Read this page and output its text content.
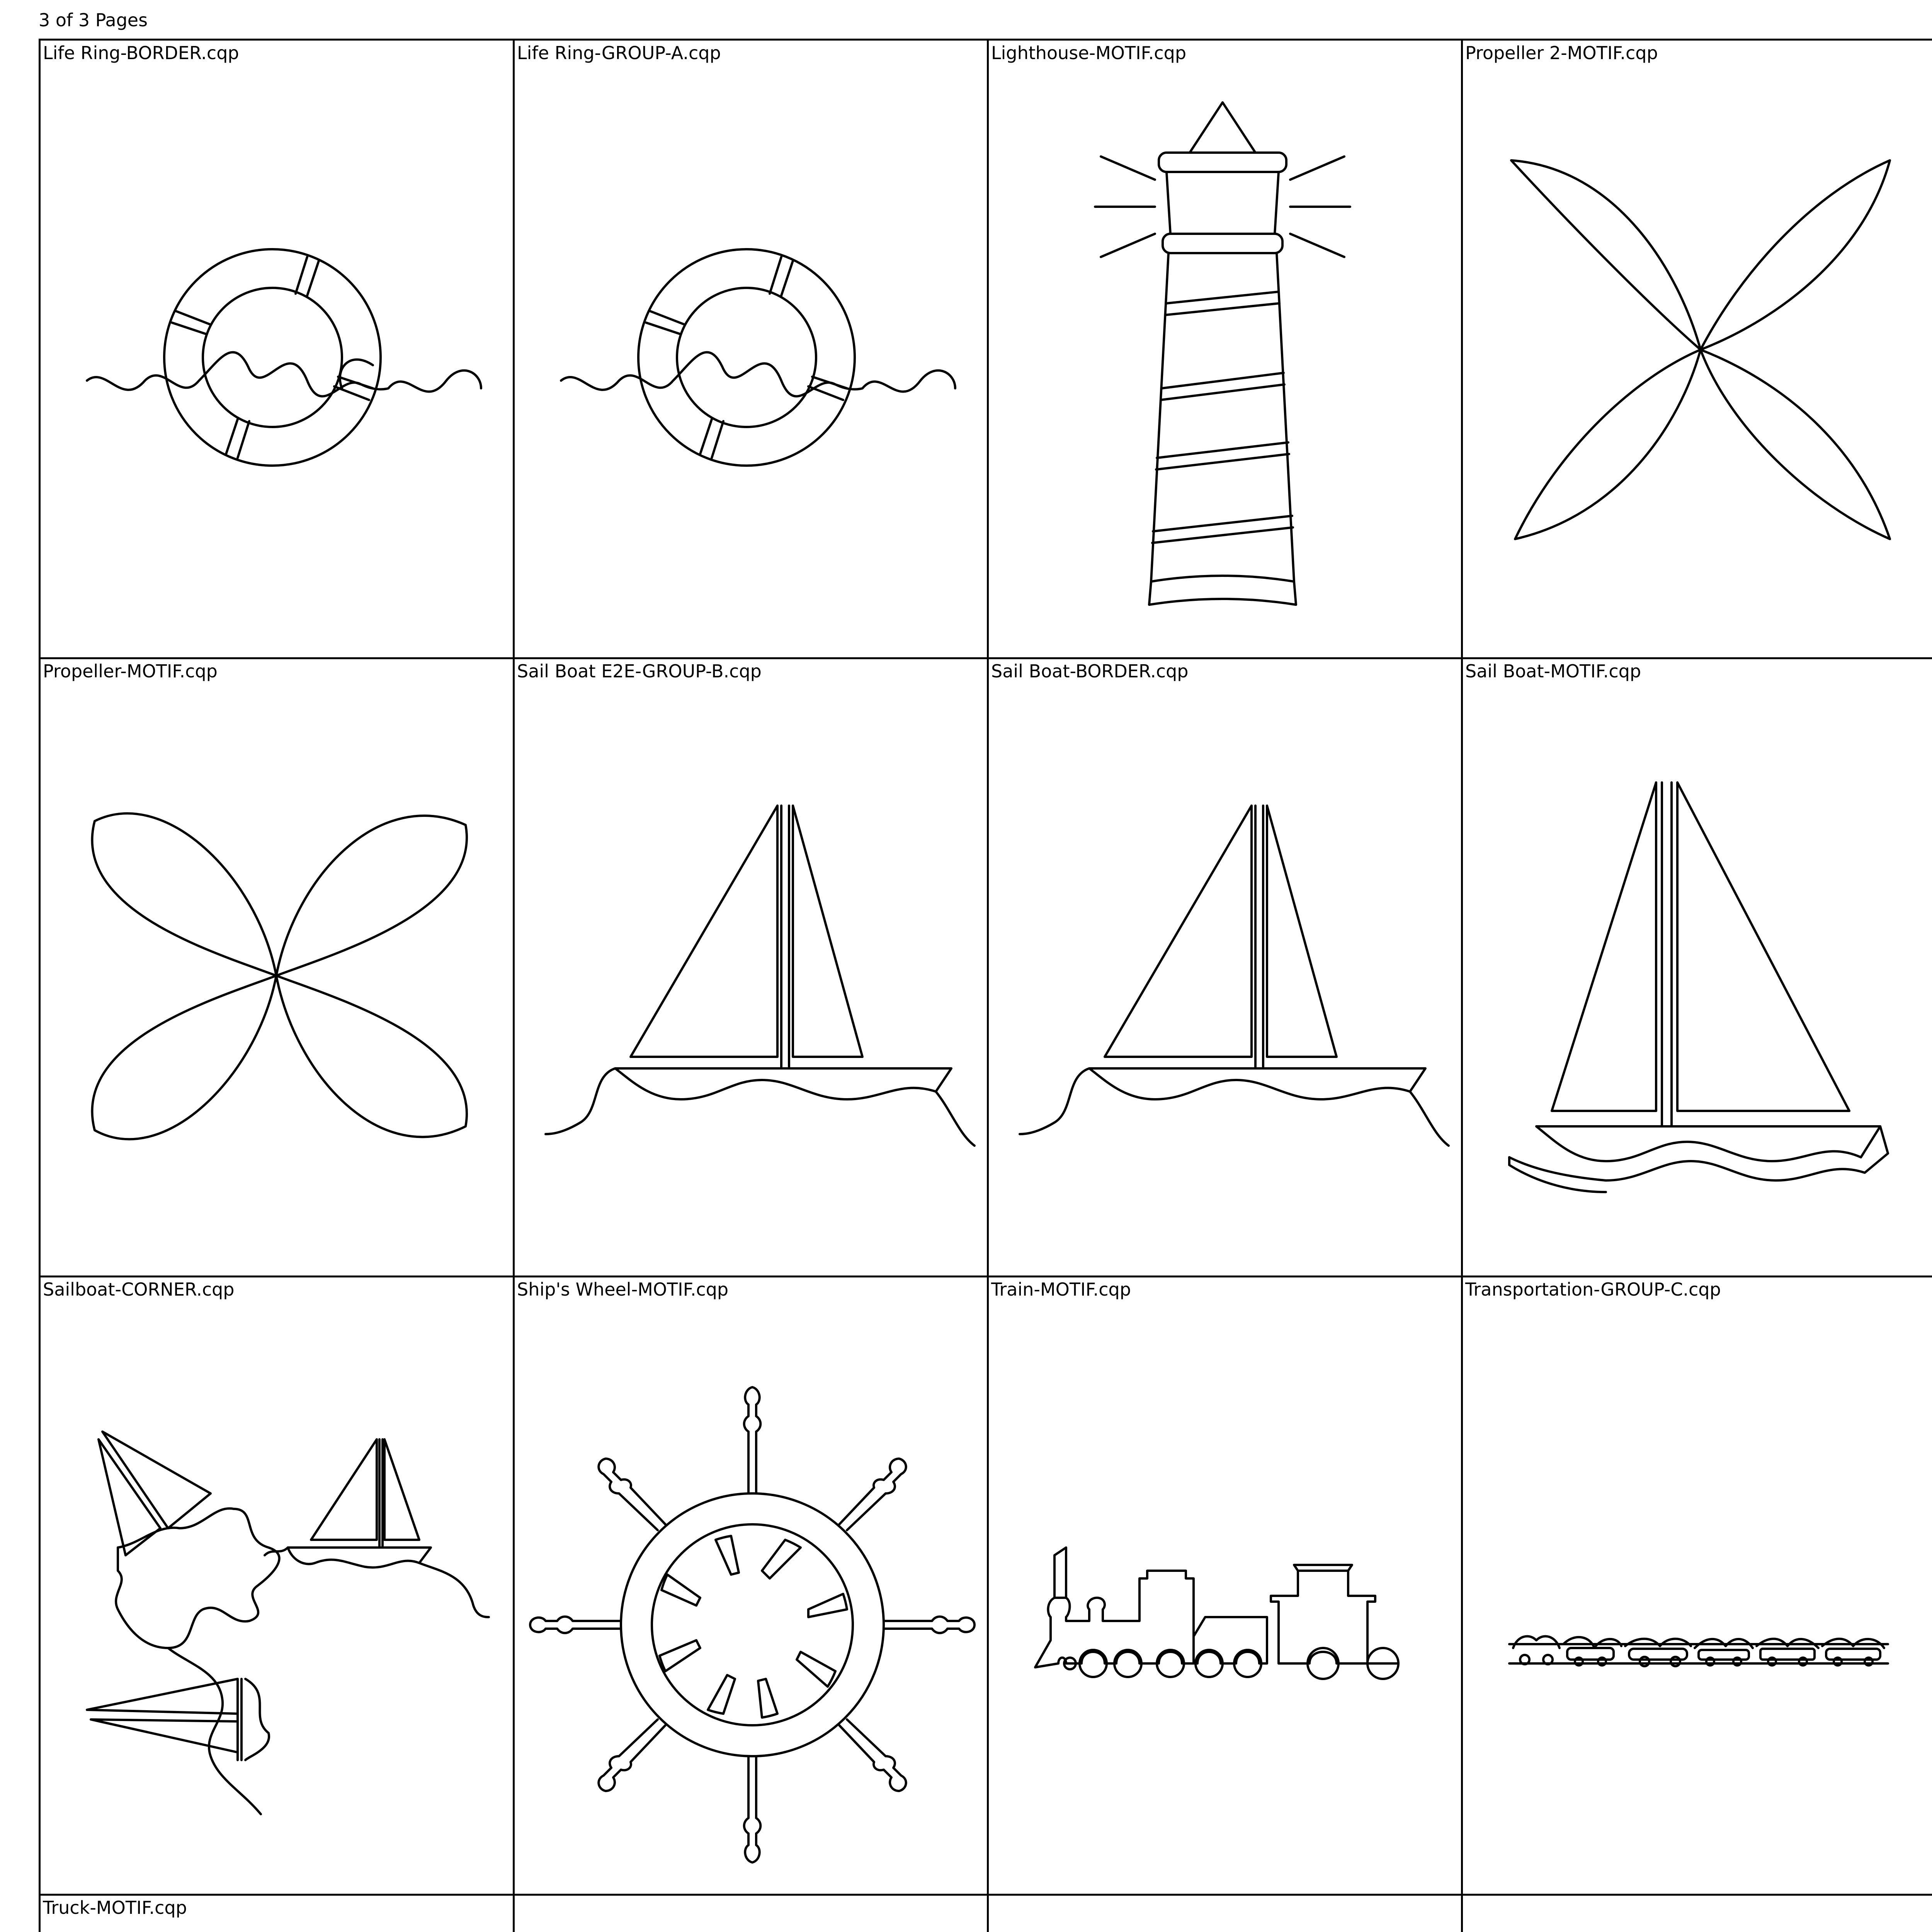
3 of 3 Pages
Life Ring-BORDER.cqp	Life Ring-GROUP-A.cqp	Lighthouse-MOTIF.cqp	Propeller 2-MOTIF.cqp
Propeller-MOTIF.cqp	Sail Boat E2E-GROUP-B.cqp	Sail Boat-BORDER.cqp	Sail Boat-MOTIF.cqp
Sailboat-CORNER.cqp	Ship's Wheel-MOTIF.cqp	Train-MOTIF.cqp	Transportation-GROUP-C.cqp
Truck-MOTIF.cqp
